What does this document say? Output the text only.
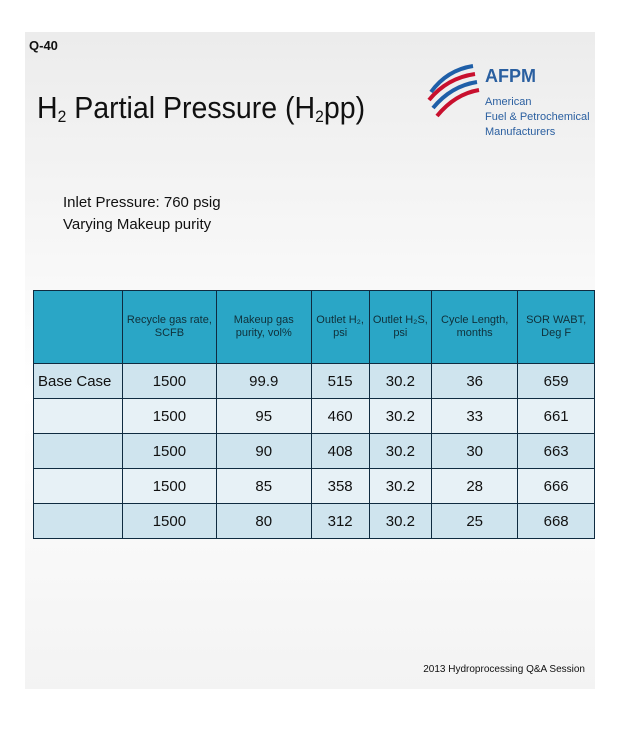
Q-40
$H_2$ Partial Pressure $(H_2pp)$
AFPM
American
Fuel & Petrochemical
Manufacturers
Inlet Pressure: 760 psig
Varying Makeup purity
	Recycle gas rate, SCFB	Makeup gas purity, vol%	Outlet H₂, psi	Outlet H₂S, psi	Cycle Length, months	SOR WABT, Deg F
Base Case	1500	99.9	515	30.2	36	659
	1500	95	460	30.2	33	661
	1500	90	408	30.2	30	663
	1500	85	358	30.2	28	666
	1500	80	312	30.2	25	668
2013 Hydroprocessing Q&A Session
